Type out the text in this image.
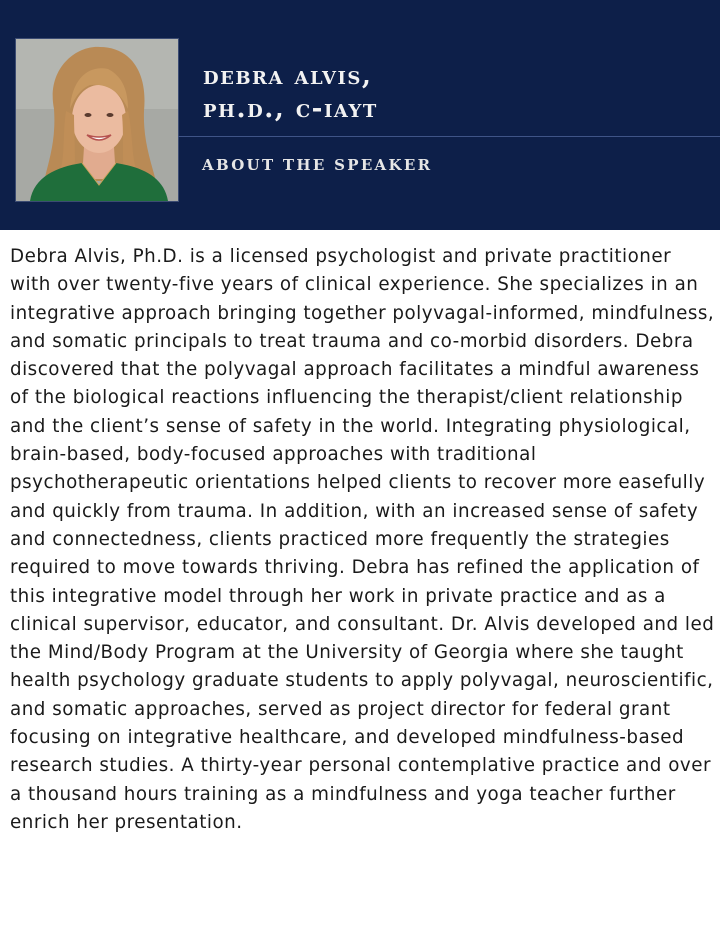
debra alvis,
ph.d., c-iayt
ABOUT THE SPEAKER

Debra Alvis, Ph.D. is a licensed psychologist and private practitioner with over twenty-five years of clinical experience. She specializes in an integrative approach bringing together polyvagal-informed, mindfulness, and somatic principals to treat trauma and co-morbid disorders. Debra discovered that the polyvagal approach facilitates a mindful awareness of the biological reactions influencing the therapist/client relationship and the client’s sense of safety in the world. Integrating physiological, brain-based, body-focused approaches with traditional psychotherapeutic orientations helped clients to recover more easefully and quickly from trauma. In addition, with an increased sense of safety and connectedness, clients practiced more frequently the strategies required to move towards thriving. Debra has refined the application of this integrative model through her work in private practice and as a clinical supervisor, educator, and consultant. Dr. Alvis developed and led the Mind/Body Program at the University of Georgia where she taught health psychology graduate students to apply polyvagal, neuroscientific, and somatic approaches, served as project director for federal grant focusing on integrative healthcare, and developed mindfulness-based research studies. A thirty-year personal contemplative practice and over a thousand hours training as a mindfulness and yoga teacher further enrich her presentation.
